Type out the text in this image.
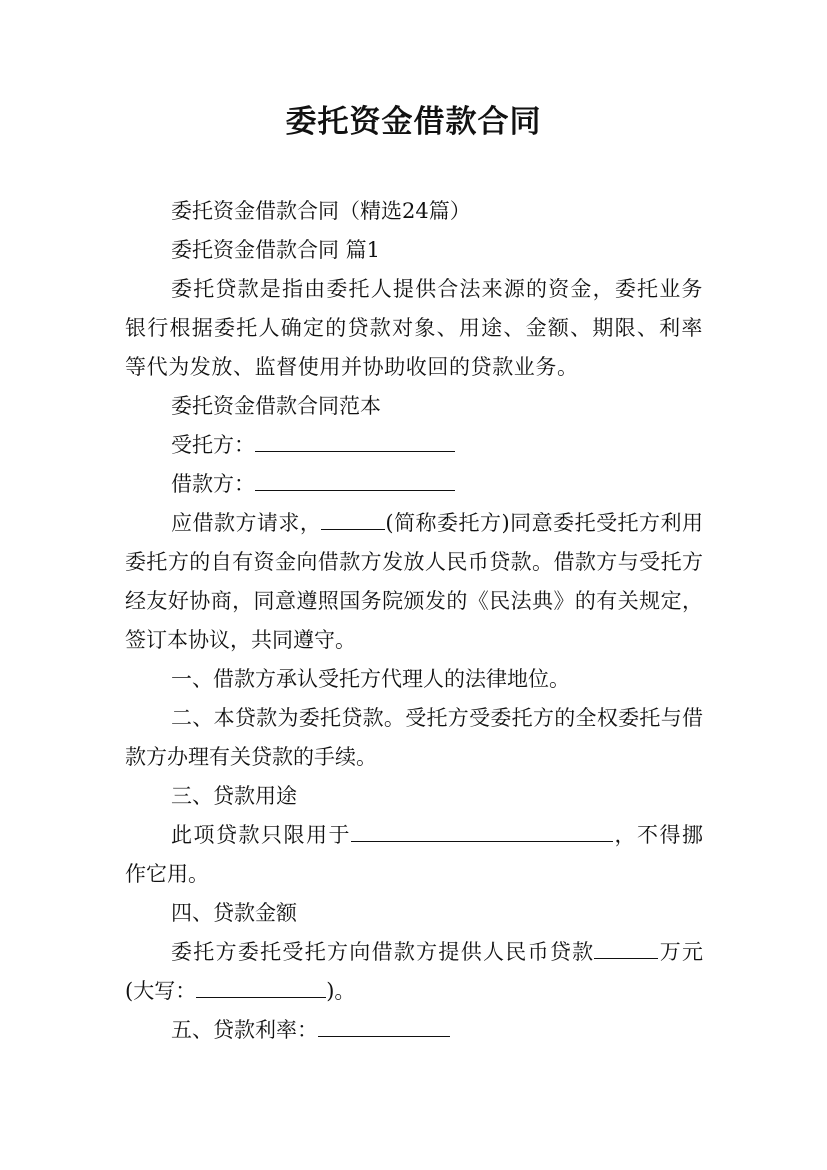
委托资金借款合同

委托资金借款合同（精选24篇）

委托资金借款合同 篇1

委托贷款是指由委托人提供合法来源的资金，委托业务银行根据委托人确定的贷款对象、用途、金额、期限、利率等代为发放、监督使用并协助收回的贷款业务。

委托资金借款合同范本

受托方：

借款方：

应借款方请求，	(简称委托方)同意委托受托方利用委托方的自有资金向借款方发放人民币贷款。借款方与受托方经友好协商，同意遵照国务院颁发的《民法典》的有关规定，签订本协议，共同遵守。

一、借款方承认受托方代理人的法律地位。

二、本贷款为委托贷款。受托方受委托方的全权委托与借款方办理有关贷款的手续。

三、贷款用途

此项贷款只限用于	，不得挪作它用。

四、贷款金额

委托方委托受托方向借款方提供人民币贷款	万元(大写：	)。

五、贷款利率：
